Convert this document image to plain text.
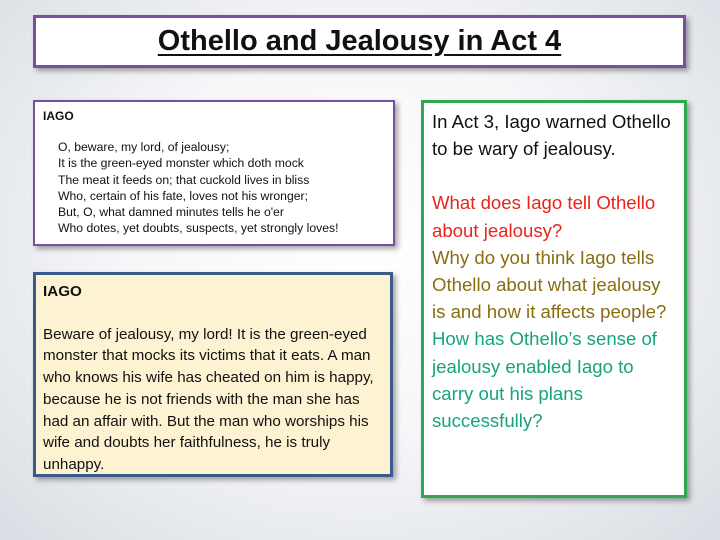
Othello and Jealousy in Act 4
IAGO
O, beware, my lord, of jealousy;
It is the green-eyed monster which doth mock
The meat it feeds on; that cuckold lives in bliss
Who, certain of his fate, loves not his wronger;
But, O, what damned minutes tells he o'er
Who dotes, yet doubts, suspects, yet strongly loves!
IAGO
Beware of jealousy, my lord! It is the green-eyed monster that mocks its victims that it eats. A man who knows his wife has cheated on him is happy, because he is not friends with the man she has had an affair with. But the man who worships his wife and doubts her faithfulness, he is truly unhappy.

In Act 3, Iago warned Othello to be wary of jealousy.

What does Iago tell Othello about jealousy?

Why do you think Iago tells Othello about what jealousy is and how it affects people?

How has Othello’s sense of jealousy enabled Iago to carry out his plans successfully?
